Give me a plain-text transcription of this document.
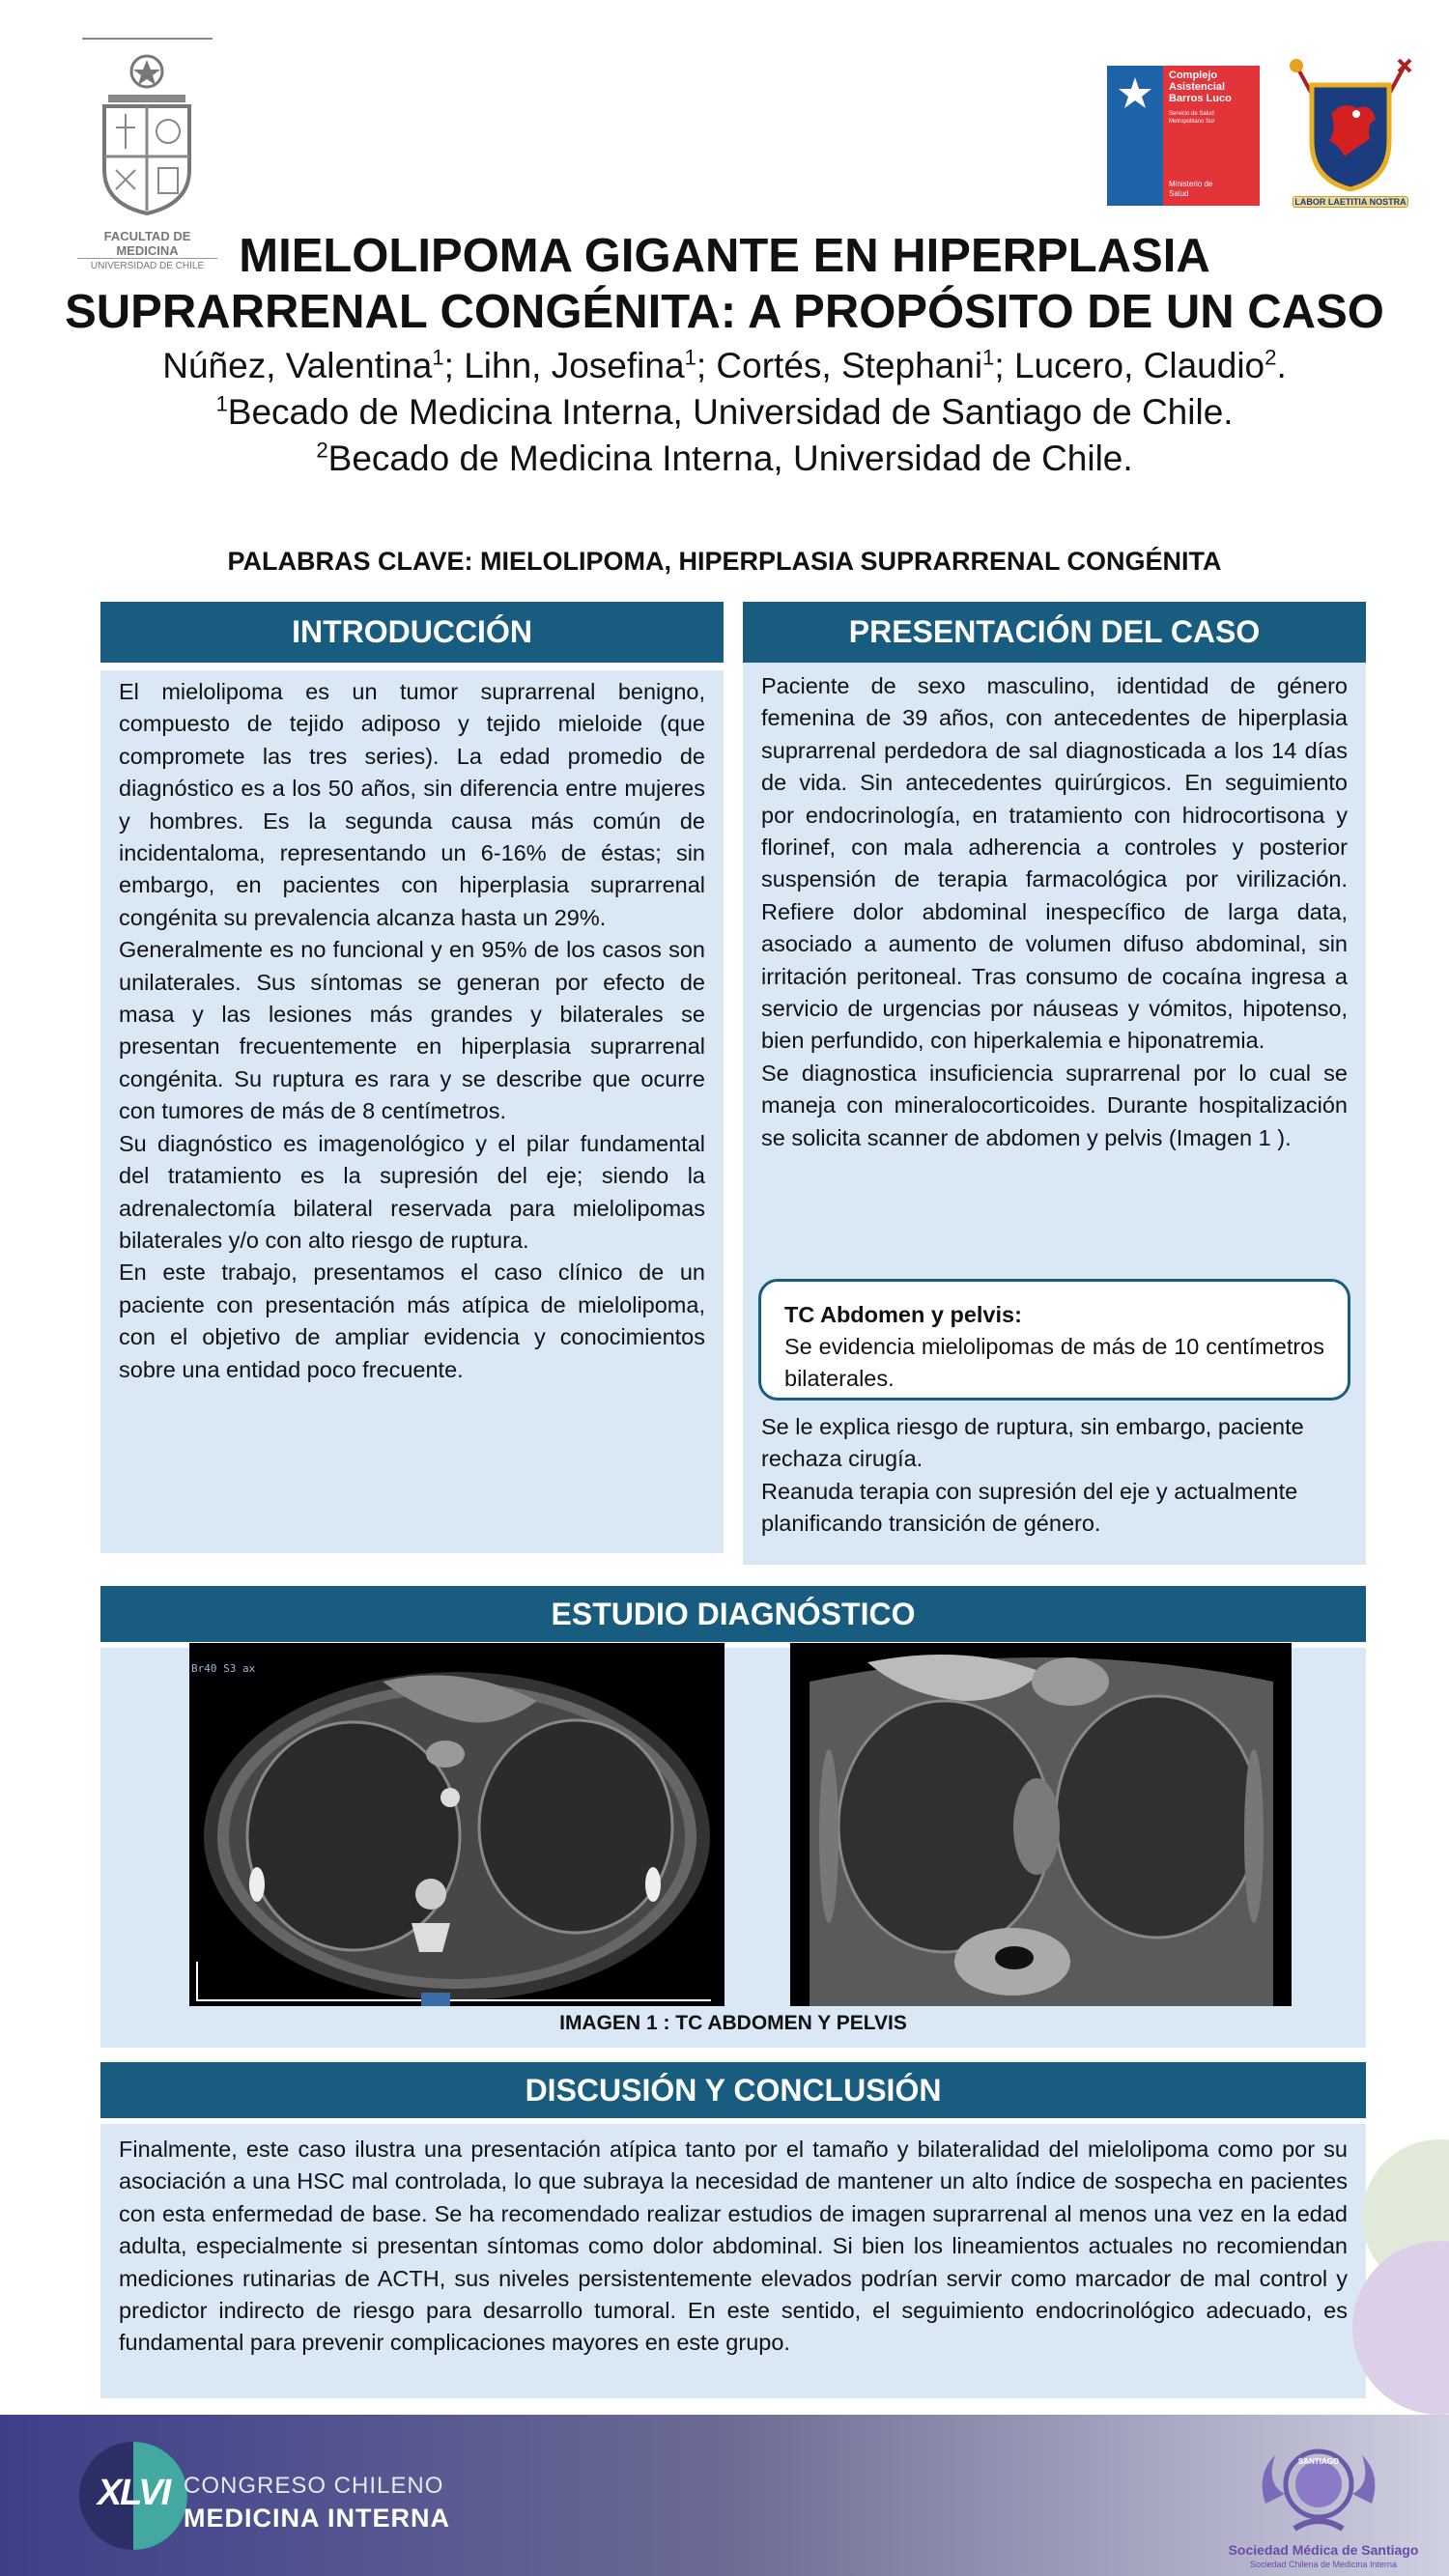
FACULTAD DE MEDICINA
UNIVERSIDAD DE CHILE
Complejo
Asistencial
Barros Luco
Servicio de Salud
Metropolitano Sur
Ministerio de
Salud
LABOR LAETITIA NOSTRA
MIELOLIPOMA GIGANTE EN HIPERPLASIA
SUPRARRENAL CONGÉNITA: A PROPÓSITO DE UN CASO
Núñez, Valentina$^1$; Lihn, Josefina$^1$; Cortés, Stephani$^1$; Lucero, Claudio$^2$.
$^1$Becado de Medicina Interna, Universidad de Santiago de Chile.
$^2$Becado de Medicina Interna, Universidad de Chile.
PALABRAS CLAVE: MIELOLIPOMA, HIPERPLASIA SUPRARRENAL CONGÉNITA
INTRODUCCIÓN

El mielolipoma es un tumor suprarrenal benigno, compuesto de tejido adiposo y tejido mieloide (que compromete las tres series). La edad promedio de diagnóstico es a los 50 años, sin diferencia entre mujeres y hombres. Es la segunda causa más común de incidentaloma, representando un 6-16% de éstas; sin embargo, en pacientes con hiperplasia suprarrenal congénita su prevalencia alcanza hasta un 29%.

Generalmente es no funcional y en 95% de los casos son unilaterales. Sus síntomas se generan por efecto de masa y las lesiones más grandes y bilaterales se presentan frecuentemente en hiperplasia suprarrenal congénita. Su ruptura es rara y se describe que ocurre con tumores de más de 8 centímetros.

Su diagnóstico es imagenológico y el pilar fundamental del tratamiento es la supresión del eje; siendo la adrenalectomía bilateral reservada para mielolipomas bilaterales y/o con alto riesgo de ruptura.

En este trabajo, presentamos el caso clínico de un paciente con presentación más atípica de mielolipoma, con el objetivo de ampliar evidencia y conocimientos sobre una entidad poco frecuente.

PRESENTACIÓN DEL CASO

Paciente de sexo masculino, identidad de género femenina de 39 años, con antecedentes de hiperplasia suprarrenal perdedora de sal diagnosticada a los 14 días de vida. Sin antecedentes quirúrgicos. En seguimiento por endocrinología, en tratamiento con hidrocortisona y florinef, con mala adherencia a controles y posterior suspensión de terapia farmacológica por virilización. Refiere dolor abdominal inespecífico de larga data, asociado a aumento de volumen difuso abdominal, sin irritación peritoneal. Tras consumo de cocaína ingresa a servicio de urgencias por náuseas y vómitos, hipotenso, bien perfundido, con hiperkalemia e hiponatremia.

Se diagnostica insuficiencia suprarrenal por lo cual se maneja con mineralocorticoides. Durante hospitalización se solicita scanner de abdomen y pelvis (Imagen 1 ).

TC Abdomen y pelvis:
Se evidencia mielolipomas de más de 10 centímetros bilaterales.

Se le explica riesgo de ruptura, sin embargo, paciente rechaza cirugía.

Reanuda terapia con supresión del eje y actualmente planificando transición de género.

ESTUDIO DIAGNÓSTICO
Br40 S3 ax
IMAGEN 1 : TC ABDOMEN Y PELVIS
DISCUSIÓN Y CONCLUSIÓN
Finalmente, este caso ilustra una presentación atípica tanto por el tamaño y bilateralidad del mielolipoma como por su asociación a una HSC mal controlada, lo que subraya la necesidad de mantener un alto índice de sospecha en pacientes con esta enfermedad de base. Se ha recomendado realizar estudios de imagen suprarrenal al menos una vez en la edad adulta, especialmente si presentan síntomas como dolor abdominal. Si bien los lineamientos actuales no recomiendan mediciones rutinarias de ACTH, sus niveles persistentemente elevados podrían servir como marcador de mal control y predictor indirecto de riesgo para desarrollo tumoral. En este sentido, el seguimiento endocrinológico adecuado, es fundamental para prevenir complicaciones mayores en este grupo.
XLVI CONGRESO CHILENO
MEDICINA INTERNA
SANTIAGO
Sociedad Médica de Santiago
Sociedad Chilena de Medicina Interna
